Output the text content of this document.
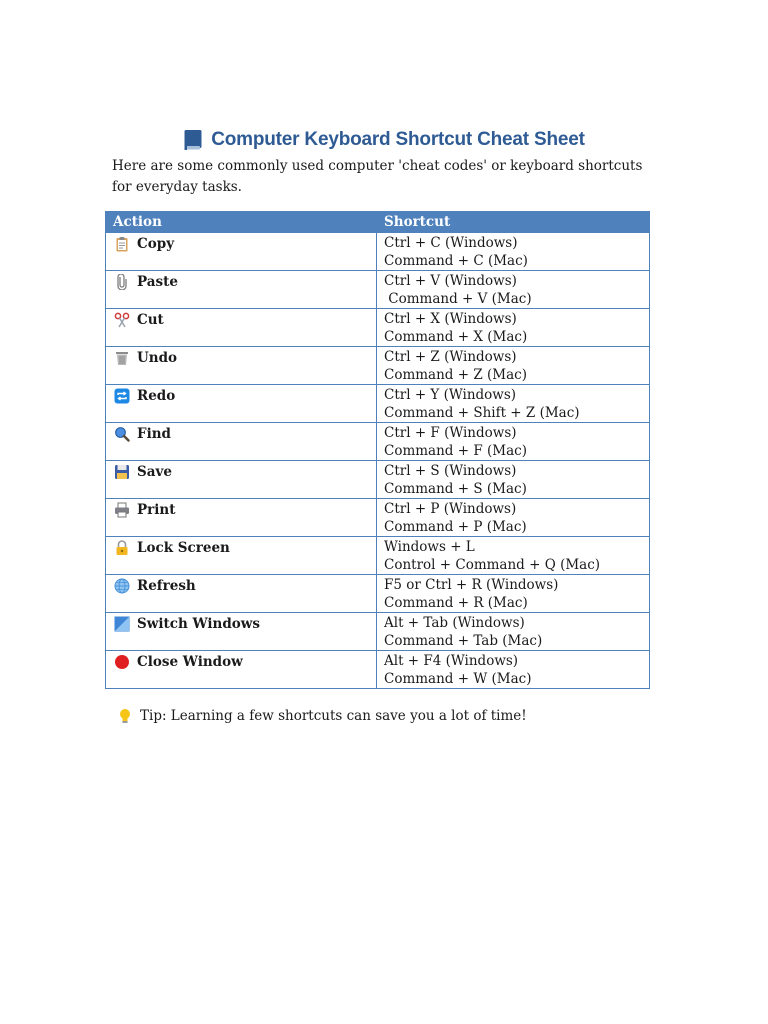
Computer Keyboard Shortcut Cheat Sheet
Here are some commonly used computer 'cheat codes' or keyboard shortcuts for everyday tasks.
Action	Shortcut

Copy	Ctrl + C (Windows)
Command + C (Mac)

Paste	Ctrl + V (Windows)
Command + V (Mac)

Cut	Ctrl + X (Windows)
Command + X (Mac)

Undo	Ctrl + Z (Windows)
Command + Z (Mac)

Redo	Ctrl + Y (Windows)
Command + Shift + Z (Mac)

Find	Ctrl + F (Windows)
Command + F (Mac)

Save	Ctrl + S (Windows)
Command + S (Mac)

Print	Ctrl + P (Windows)
Command + P (Mac)

Lock Screen	Windows + L
Control + Command + Q (Mac)

Refresh	F5 or Ctrl + R (Windows)
Command + R (Mac)

Switch Windows	Alt + Tab (Windows)
Command + Tab (Mac)

Close Window	Alt + F4 (Windows)
Command + W (Mac)
Tip: Learning a few shortcuts can save you a lot of time!
